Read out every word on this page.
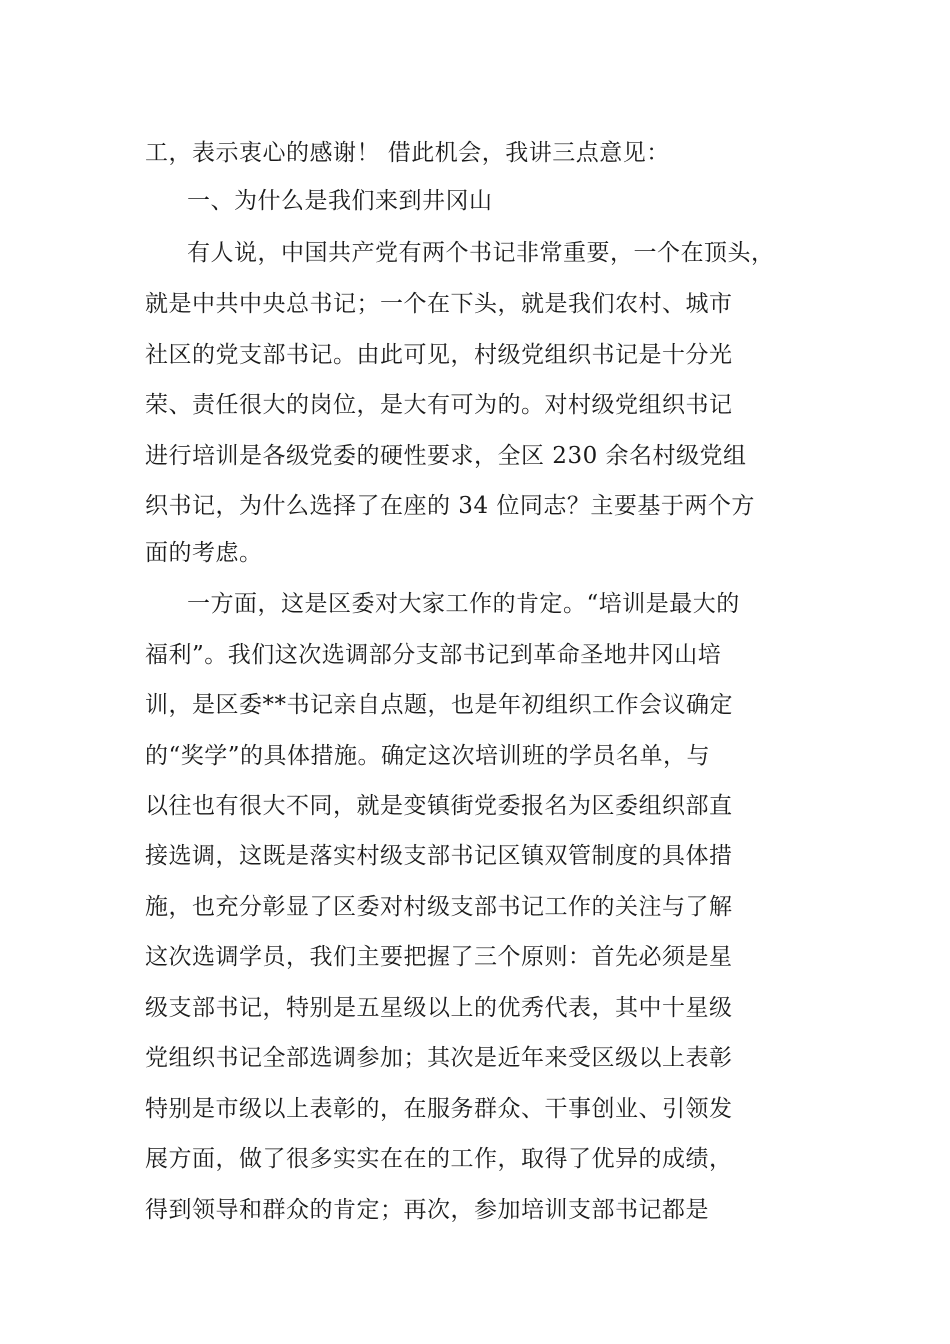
工，表示衷心的感谢！ 借此机会，我讲三点意见：
一、为什么是我们来到井冈山
有人说，中国共产党有两个书记非常重要，一个在顶头，
就是中共中央总书记；一个在下头，就是我们农村、城市
社区的党支部书记。由此可见，村级党组织书记是十分光
荣、责任很大的岗位，是大有可为的。对村级党组织书记
进行培训是各级党委的硬性要求，全区 230 余名村级党组
织书记，为什么选择了在座的 34 位同志？主要基于两个方
面的考虑。
一方面，这是区委对大家工作的肯定。“培训是最大的
福利”。我们这次选调部分支部书记到革命圣地井冈山培
训，是区委**书记亲自点题，也是年初组织工作会议确定
的“奖学”的具体措施。确定这次培训班的学员名单，与
以往也有很大不同，就是变镇街党委报名为区委组织部直
接选调，这既是落实村级支部书记区镇双管制度的具体措
施，也充分彰显了区委对村级支部书记工作的关注与了解
这次选调学员，我们主要把握了三个原则：首先必须是星
级支部书记，特别是五星级以上的优秀代表，其中十星级
党组织书记全部选调参加；其次是近年来受区级以上表彰
特别是市级以上表彰的，在服务群众、干事创业、引领发
展方面，做了很多实实在在的工作，取得了优异的成绩，
得到领导和群众的肯定；再次，参加培训支部书记都是
